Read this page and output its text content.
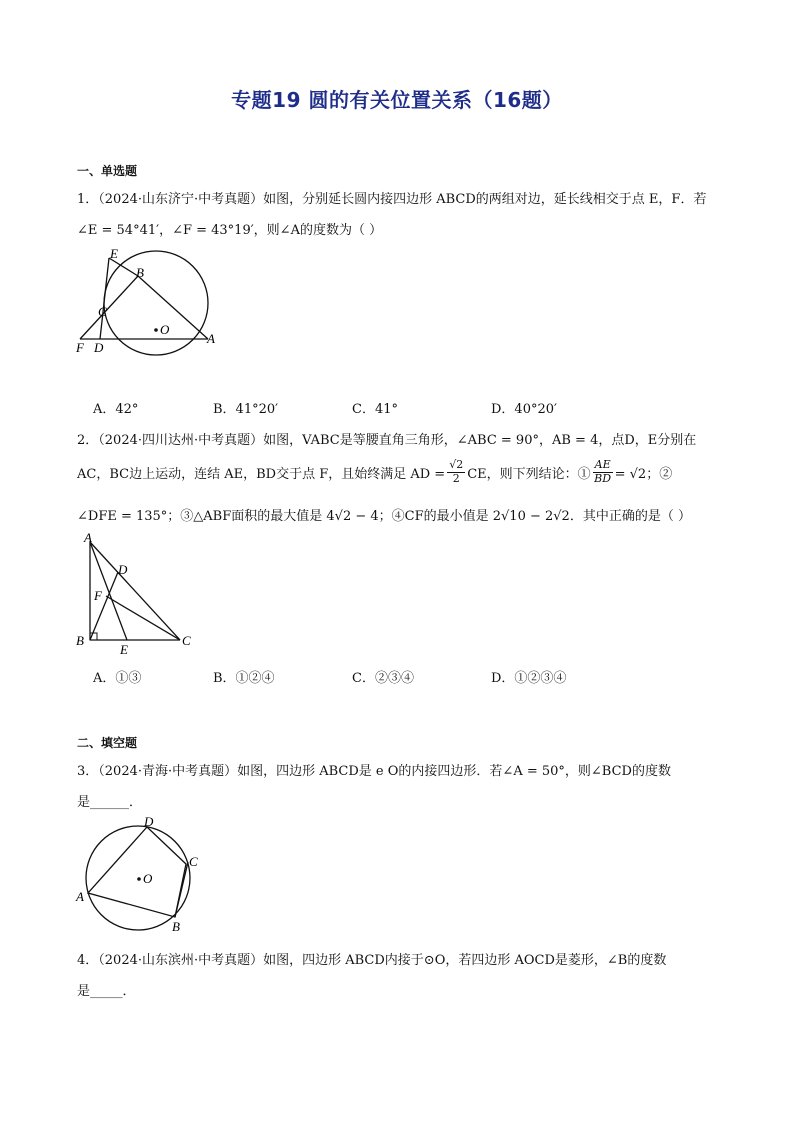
专题19 圆的有关位置关系（16题）
一、单选题
1．（2024·山东济宁·中考真题）如图，分别延长圆内接四边形 ABCD的两组对边，延长线相交于点 E，F．若
∠E = 54°41′，∠F = 43°19′，则∠A的度数为（ ）
E
B
C
O
F D
A
A．42°	B．41°20′	C．41°	D．40°20′
2．（2024·四川达州·中考真题）如图，VABC是等腰直角三角形，∠ABC = 90°，AB = 4，点D，E分别在
AC，BC边上运动，连结 AE，BD交于点 F，且始终满足 AD = $\frac{√2}{2}$ CE，则下列结论：① $\frac{AE}{BD} = √2$；②
∠DFE = 135°；③△ABF面积的最大值是 4√2 − 4；④CF的最小值是 2√10 − 2√2．其中正确的是（ ）
A
D
F
B
E
C
A．①③	B．①②④	C．②③④	D．①②③④
二、填空题
3．（2024·青海·中考真题）如图，四边形 ABCD是 e O的内接四边形．若∠A = 50°，则∠BCD的度数
是______．
D
C
O
A
B
4．（2024·山东滨州·中考真题）如图，四边形 ABCD内接于⊙O，若四边形 AOCD是菱形，∠B的度数
是_____．
